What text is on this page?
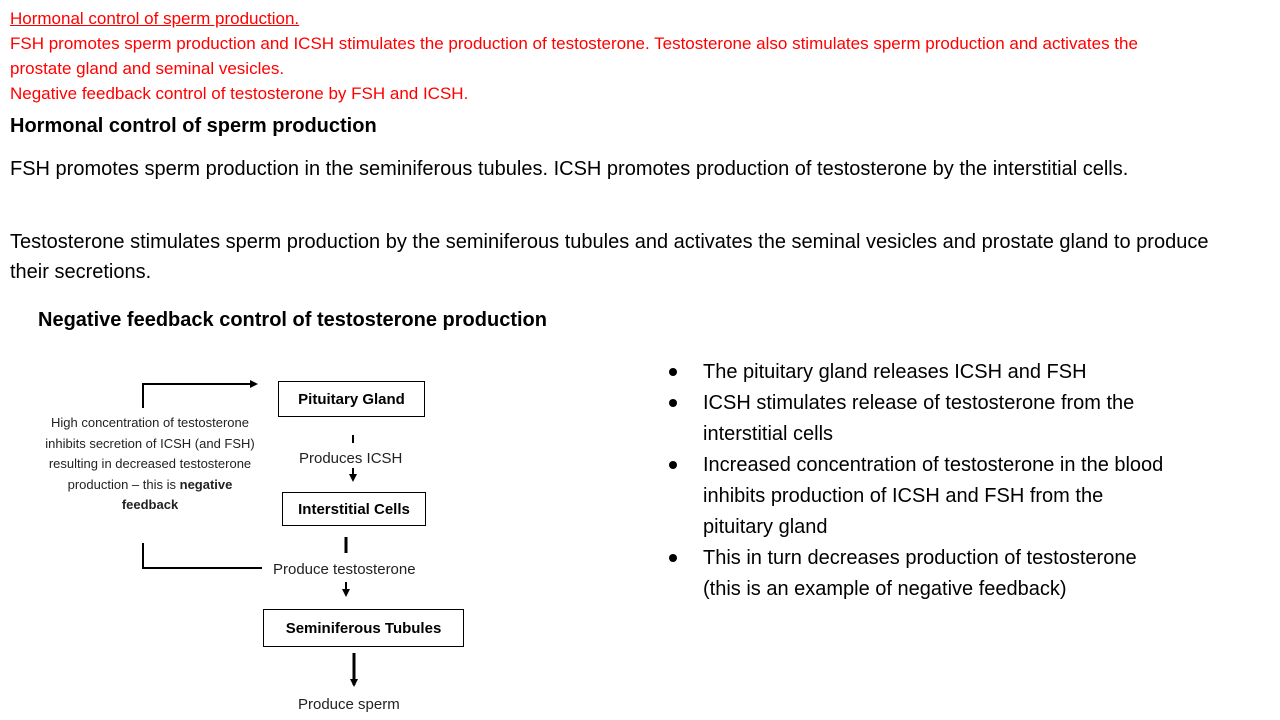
Hormonal control of sperm production.

FSH promotes sperm production and ICSH stimulates the production of testosterone. Testosterone also stimulates sperm production and activates the prostate gland and seminal vesicles.

Negative feedback control of testosterone by FSH and ICSH.

Hormonal control of sperm production

FSH promotes sperm production in the seminiferous tubules. ICSH promotes production of testosterone by the interstitial cells.

Testosterone stimulates sperm production by the seminiferous tubules and activates the seminal vesicles and prostate gland to produce their secretions.

Negative feedback control of testosterone production
Pituitary Gland
Produces ICSH
Interstitial Cells
Produce testosterone
Seminiferous Tubules
Produce sperm
High concentration of testosterone inhibits secretion of ICSH (and FSH) resulting in decreased testosterone production – this is negative feedback
The pituitary gland releases ICSH and FSH
ICSH stimulates release of testosterone from the interstitial cells
Increased concentration of testosterone in the blood inhibits production of ICSH and FSH from the pituitary gland
This in turn decreases production of testosterone (this is an example of negative feedback)
